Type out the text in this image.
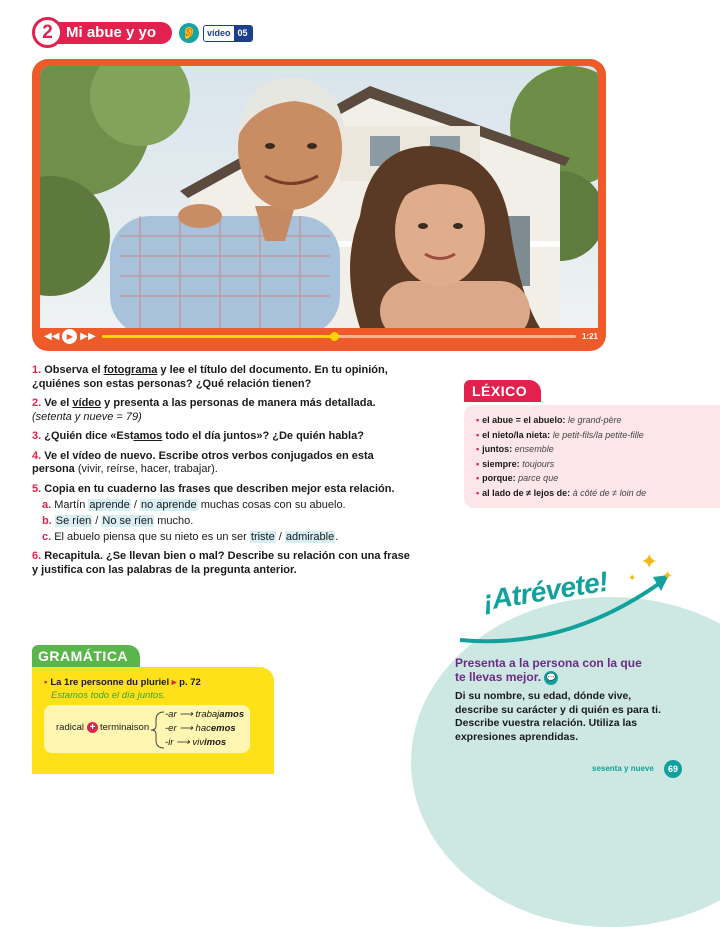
Mi abue y yo
2	👂	vídeo 05
◀◀ ▶ ▶▶	1:21
1. Observa el fotograma y lee el título del documento. En tu opinión, ¿quiénes son estas personas? ¿Qué relación tienen?
2. Ve el vídeo y presenta a las personas de manera más detallada.
(setenta y nueve = 79)
3. ¿Quién dice «Estamos todo el día juntos»? ¿De quién habla?
4. Ve el vídeo de nuevo. Escribe otros verbos conjugados en esta persona (vivir, reírse, hacer, trabajar).
5. Copia en tu cuaderno las frases que describen mejor esta relación.
a. Martín aprende / no aprende muchas cosas con su abuelo.
b. Se ríen / No se ríen mucho.
c. El abuelo piensa que su nieto es un ser triste / admirable.
6. Recapitula. ¿Se llevan bien o mal? Describe su relación con una frase y justifica con las palabras de la pregunta anterior.
LÉXICO
• el abue = el abuelo: le grand-père
• el nieto/la nieta: le petit-fils/la petite-fille
• juntos: ensemble
• siempre: toujours
• porque: parce que
• al lado de ≠ lejos de: à côté de ≠ loin de
GRAMÁTICA
• La 1re personne du pluriel ▸ p. 72
Estamos todo el día juntos.
radical + terminaison
-ar ⟶ trabajamos
-er ⟶ hacemos
-ir ⟶ vivimos
✦
✦
✦
¡Atrévete!
Presenta a la persona con la que te llevas mejor. 💬
Di su nombre, su edad, dónde vive, describe su carácter y di quién es para ti. Describe vuestra relación. Utiliza las expresiones aprendidas.
sesenta y nueve	69
